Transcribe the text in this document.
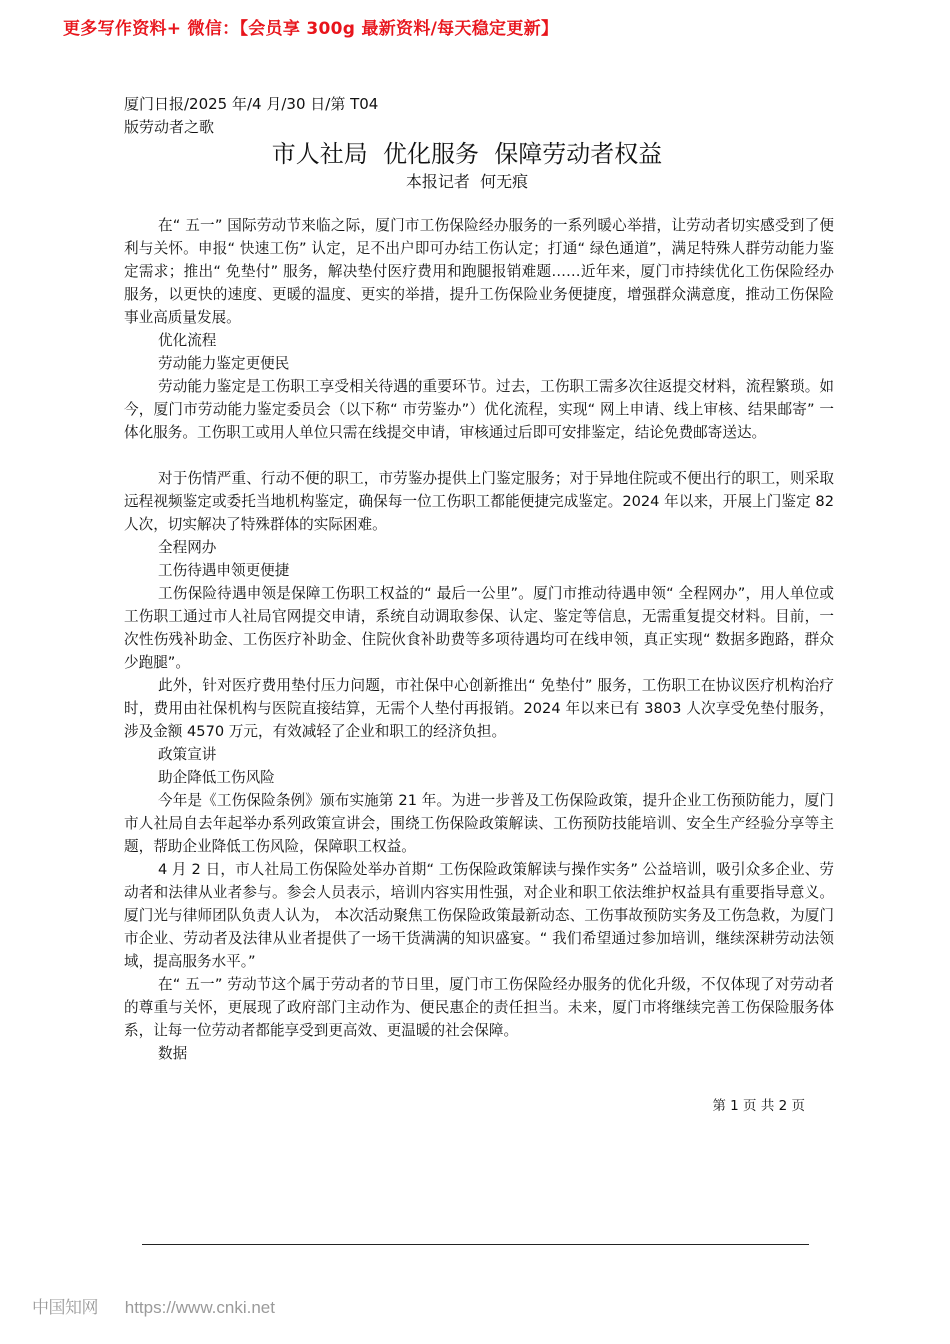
更多写作资料+ 微信：【会员享 300g 最新资料/每天稳定更新】
厦门日报/2025 年/4 月/30 日/第 T04
版劳动者之歌
市人社局  优化服务  保障劳动者权益
本报记者  何无痕

在“ 五一” 国际劳动节来临之际，厦门市工伤保险经办服务的一系列暖心举措，让劳动者切实感受到了便利与关怀。申报“ 快速工伤” 认定，足不出户即可办结工伤认定；打通“ 绿色通道”，满足特殊人群劳动能力鉴定需求；推出“ 免垫付” 服务，解决垫付医疗费用和跑腿报销难题……近年来，厦门市持续优化工伤保险经办服务，以更快的速度、更暖的温度、更实的举措，提升工伤保险业务便捷度，增强群众满意度，推动工伤保险事业高质量发展。

优化流程

劳动能力鉴定更便民

劳动能力鉴定是工伤职工享受相关待遇的重要环节。过去，工伤职工需多次往返提交材料，流程繁琐。如今，厦门市劳动能力鉴定委员会（以下称“ 市劳鉴办”）优化流程，实现“ 网上申请、线上审核、结果邮寄” 一体化服务。工伤职工或用人单位只需在线提交申请，审核通过后即可安排鉴定，结论免费邮寄送达。

对于伤情严重、行动不便的职工，市劳鉴办提供上门鉴定服务；对于异地住院或不便出行的职工，则采取远程视频鉴定或委托当地机构鉴定，确保每一位工伤职工都能便捷完成鉴定。2024 年以来，开展上门鉴定 82 人次，切实解决了特殊群体的实际困难。

全程网办

工伤待遇申领更便捷

工伤保险待遇申领是保障工伤职工权益的“ 最后一公里”。厦门市推动待遇申领“ 全程网办”，用人单位或工伤职工通过市人社局官网提交申请，系统自动调取参保、认定、鉴定等信息，无需重复提交材料。目前，一次性伤残补助金、工伤医疗补助金、住院伙食补助费等多项待遇均可在线申领，真正实现“ 数据多跑路，群众少跑腿”。

此外，针对医疗费用垫付压力问题，市社保中心创新推出“ 免垫付” 服务，工伤职工在协议医疗机构治疗时，费用由社保机构与医院直接结算，无需个人垫付再报销。2024 年以来已有 3803 人次享受免垫付服务，涉及金额 4570 万元，有效减轻了企业和职工的经济负担。

政策宣讲

助企降低工伤风险

今年是《工伤保险条例》颁布实施第 21 年。为进一步普及工伤保险政策，提升企业工伤预防能力，厦门市人社局自去年起举办系列政策宣讲会，围绕工伤保险政策解读、工伤预防技能培训、安全生产经验分享等主题，帮助企业降低工伤风险，保障职工权益。

4 月 2 日，市人社局工伤保险处举办首期“ 工伤保险政策解读与操作实务” 公益培训，吸引众多企业、劳动者和法律从业者参与。参会人员表示，培训内容实用性强，对企业和职工依法维护权益具有重要指导意义。 厦门光与律师团队负责人认为， 本次活动聚焦工伤保险政策最新动态、工伤事故预防实务及工伤急救，为厦门市企业、劳动者及法律从业者提供了一场干货满满的知识盛宴。“ 我们希望通过参加培训，继续深耕劳动法领域，提高服务水平。”

在“ 五一” 劳动节这个属于劳动者的节日里，厦门市工伤保险经办服务的优化升级，不仅体现了对劳动者的尊重与关怀，更展现了政府部门主动作为、便民惠企的责任担当。未来，厦门市将继续完善工伤保险服务体系，让每一位劳动者都能享受到更高效、更温暖的社会保障。

数据

第 1 页 共 2 页
中国知网 https://www.cnki.net
